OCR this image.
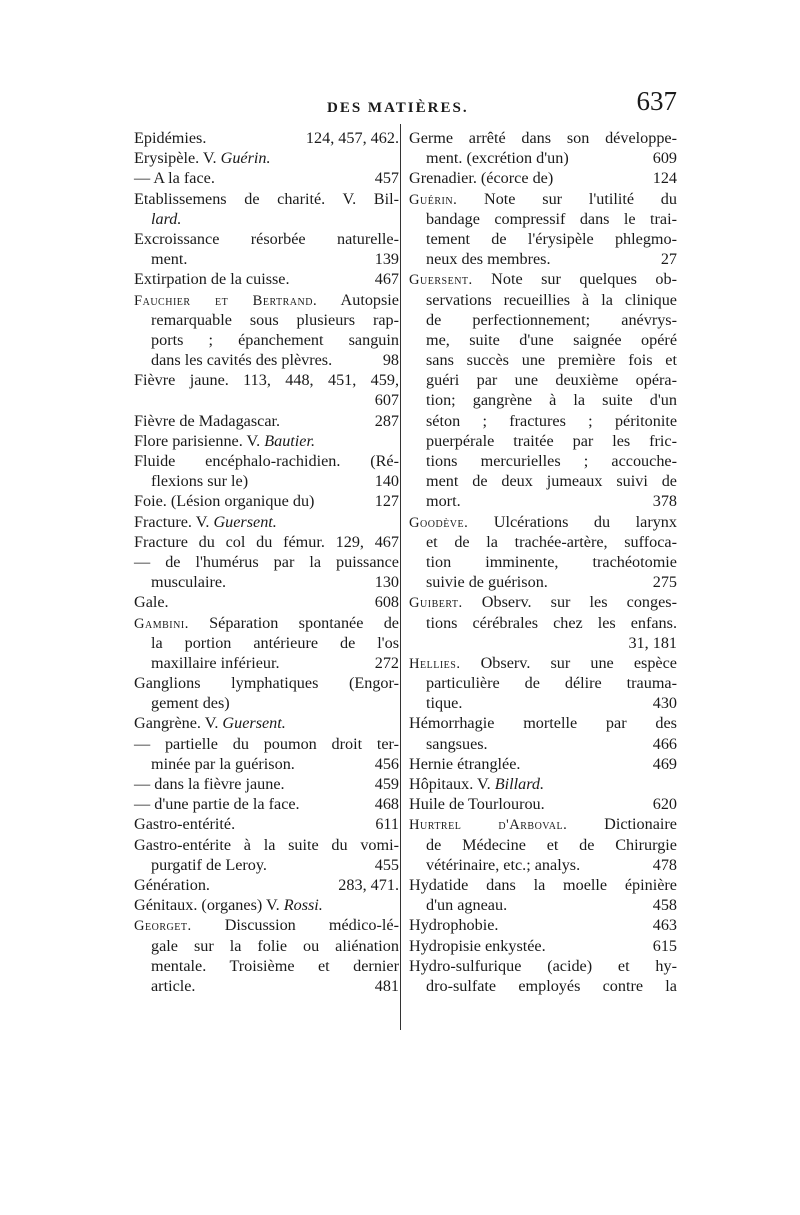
DES MATIÈRES.	637
Epidémies.	124, 457, 462.
Erysipèle. V. Guérin.
— A la face.	457
Etablissemens de charité. V. Bil-
lard.
Excroissance résorbée naturelle-
ment.	139
Extirpation de la cuisse.	467
Fauchier et Bertrand. Autopsie
remarquable sous plusieurs rap-
ports ; épanchement sanguin
dans les cavités des plèvres.	98
Fièvre jaune. 113, 448, 451, 459,
607
Fièvre de Madagascar.	287
Flore parisienne. V. Bautier.
Fluide encéphalo-rachidien. (Ré-
flexions sur le)	140
Foie. (Lésion organique du)	127
Fracture. V. Guersent.
Fracture du col du fémur. 129, 467
— de l'humérus par la puissance
musculaire.	130
Gale.	608
Gambini. Séparation spontanée de
la portion antérieure de l'os
maxillaire inférieur.	272
Ganglions lymphatiques (Engor-
gement des)
Gangrène. V. Guersent.
— partielle du poumon droit ter-
minée par la guérison.	456
— dans la fièvre jaune.	459
— d'une partie de la face.	468
Gastro-entérité.	611
Gastro-entérite à la suite du vomi-
purgatif de Leroy.	455
Génération.	283, 471.
Génitaux. (organes) V. Rossi.
Georget. Discussion médico-lé-
gale sur la folie ou aliénation
mentale. Troisième et dernier
article.	481
Germe arrêté dans son développe-
ment. (excrétion d'un)	609
Grenadier. (écorce de)	124
Guérin. Note sur l'utilité du
bandage compressif dans le trai-
tement de l'érysipèle phlegmo-
neux des membres.	27
Guersent. Note sur quelques ob-
servations recueillies à la clinique
de perfectionnement; anévrys-
me, suite d'une saignée opéré
sans succès une première fois et
guéri par une deuxième opéra-
tion; gangrène à la suite d'un
séton ; fractures ; péritonite
puerpérale traitée par les fric-
tions mercurielles ; accouche-
ment de deux jumeaux suivi de
mort.	378
Goodève. Ulcérations du larynx
et de la trachée-artère, suffoca-
tion imminente, trachéotomie
suivie de guérison.	275
Guibert. Observ. sur les conges-
tions cérébrales chez les enfans.
31, 181
Hellies. Observ. sur une espèce
particulière de délire trauma-
tique.	430
Hémorrhagie mortelle par des
sangsues.	466
Hernie étranglée.	469
Hôpitaux. V. Billard.
Huile de Tourlourou.	620
Hurtrel d'Arboval. Dictionaire
de Médecine et de Chirurgie
vétérinaire, etc.; analys.	478
Hydatide dans la moelle épinière
d'un agneau.	458
Hydrophobie.	463
Hydropisie enkystée.	615
Hydro-sulfurique (acide) et hy-
dro-sulfate employés contre la
